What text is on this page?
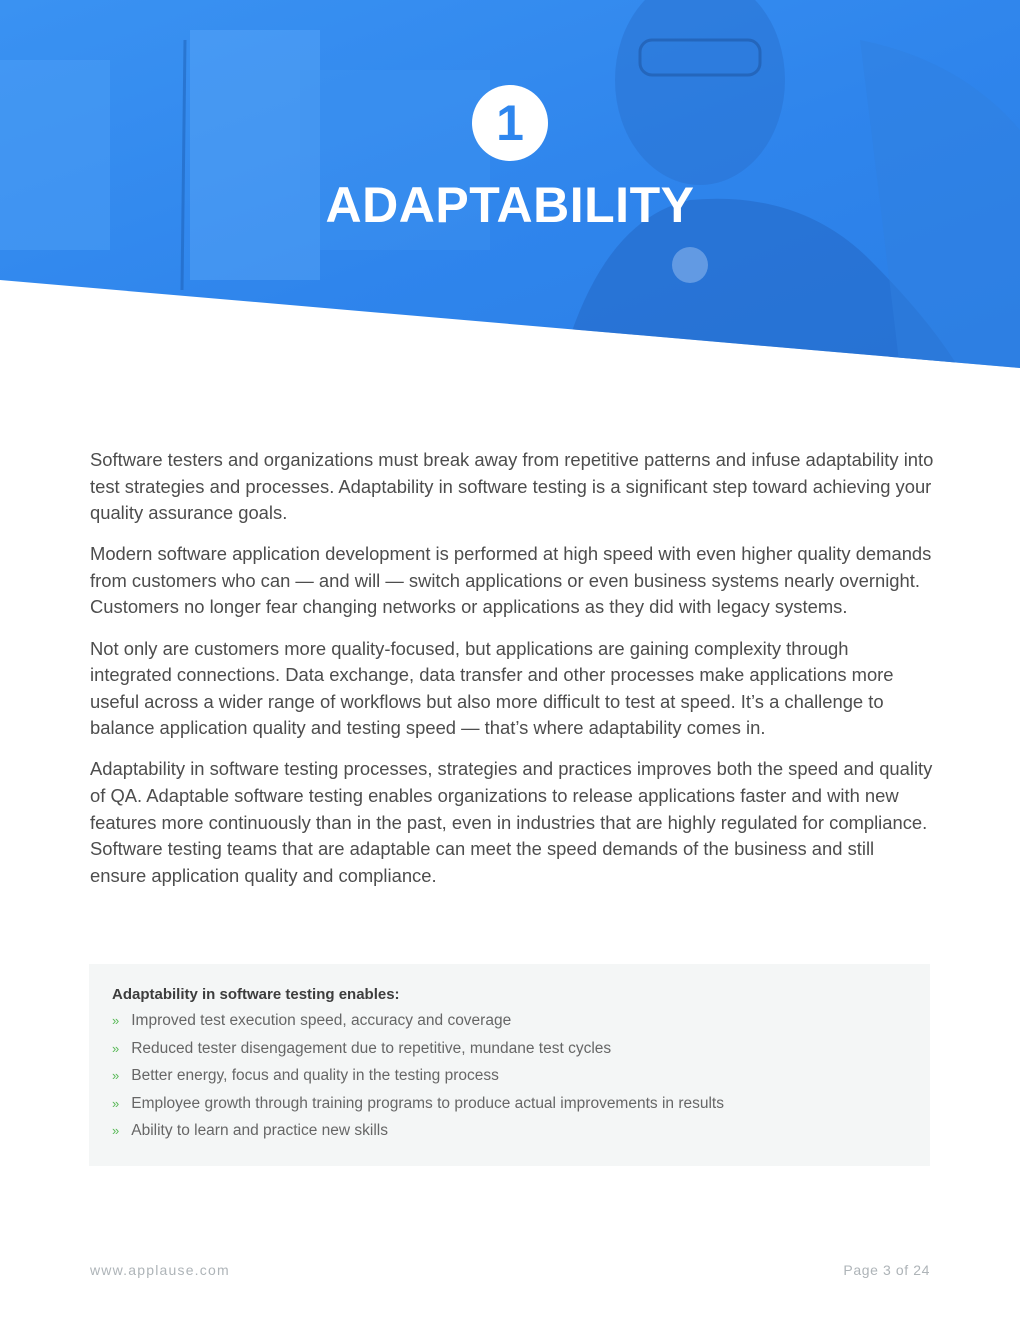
1
ADAPTABILITY

Software testers and organizations must break away from repetitive patterns and infuse adaptability into test strategies and processes. Adaptability in software testing is a significant step toward achieving your quality assurance goals.

Modern software application development is performed at high speed with even higher quality demands from customers who can — and will — switch applications or even business systems nearly overnight. Customers no longer fear changing networks or applications as they did with legacy systems.

Not only are customers more quality-focused, but applications are gaining complexity through integrated connections. Data exchange, data transfer and other processes make applications more useful across a wider range of workflows but also more difficult to test at speed. It’s a challenge to balance application quality and testing speed — that’s where adaptability comes in.

Adaptability in software testing processes, strategies and practices improves both the speed and quality of QA. Adaptable software testing enables organizations to release applications faster and with new features more continuously than in the past, even in industries that are highly regulated for compliance. Software testing teams that are adaptable can meet the speed demands of the business and still ensure application quality and compliance.

Adaptability in software testing enables:
» Improved test execution speed, accuracy and coverage
» Reduced tester disengagement due to repetitive, mundane test cycles
» Better energy, focus and quality in the testing process
» Employee growth through training programs to produce actual improvements in results
» Ability to learn and practice new skills
www.applause.com	Page 3 of 24
